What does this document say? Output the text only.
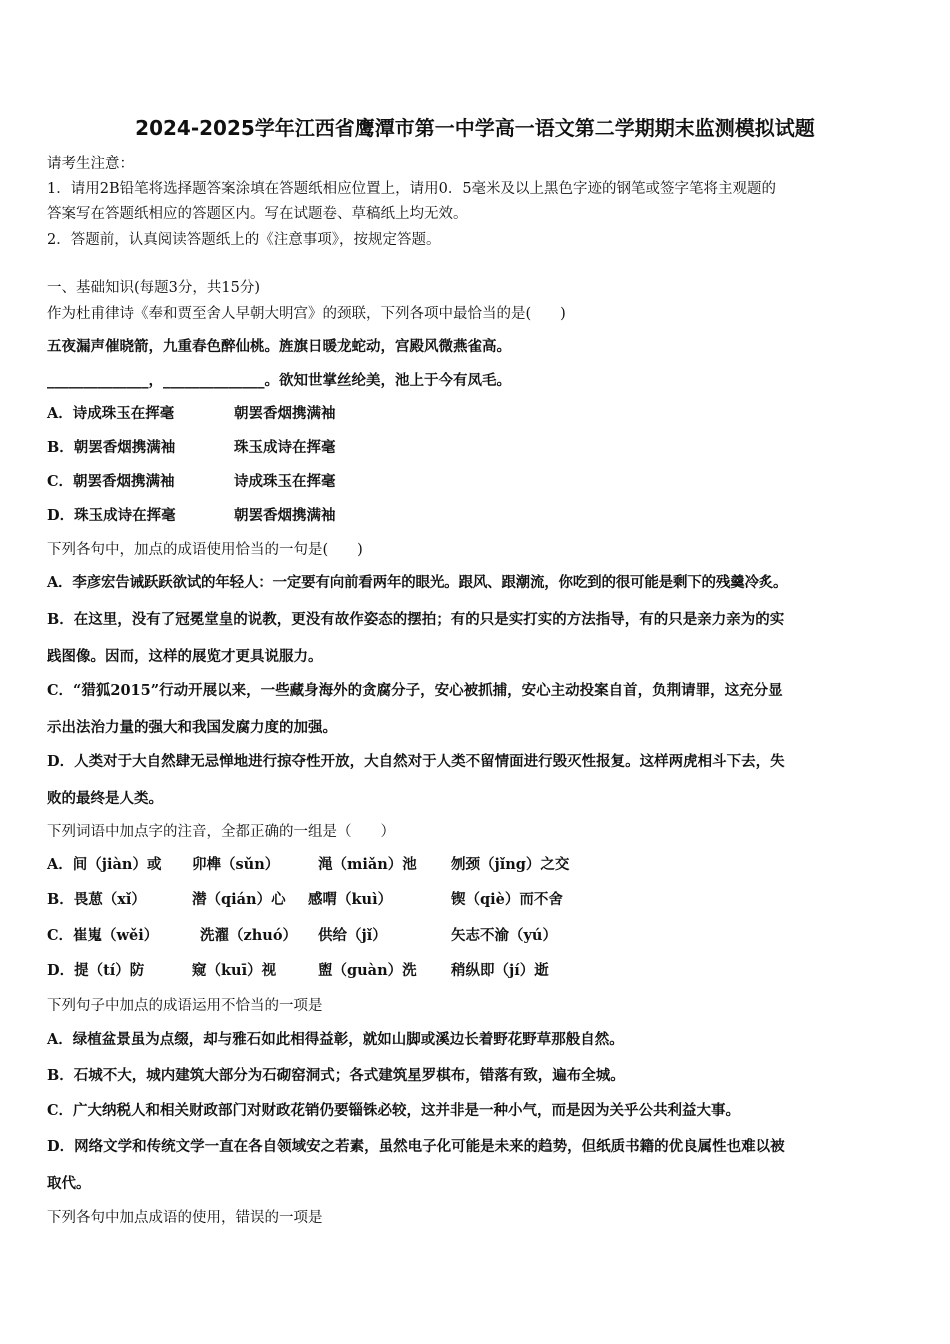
2024-2025学年江西省鹰潭市第一中学高一语文第二学期期末监测模拟试题
请考生注意：
1．请用2B铅笔将选择题答案涂填在答题纸相应位置上，请用0．5毫米及以上黑色字迹的钢笔或签字笔将主观题的
答案写在答题纸相应的答题区内。写在试题卷、草稿纸上均无效。
2．答题前，认真阅读答题纸上的《注意事项》，按规定答题。
一、基础知识(每题3分，共15分)
作为杜甫律诗《奉和贾至舍人早朝大明宫》的颈联，下列各项中最恰当的是(　　)
五夜漏声催晓箭，九重春色醉仙桃。旌旗日暖龙蛇动，宫殿风微燕雀高。
______________，______________。欲知世掌丝纶美，池上于今有凤毛。
A．诗成珠玉在挥毫	朝罢香烟携满袖
B．朝罢香烟携满袖	珠玉成诗在挥毫
C．朝罢香烟携满袖	诗成珠玉在挥毫
D．珠玉成诗在挥毫	朝罢香烟携满袖
下列各句中，加点的成语使用恰当的一句是(　　)
A．李彦宏告诫跃跃欲试的年轻人：一定要有向前看两年的眼光。跟风、跟潮流，你吃到的很可能是剩下的残羹冷炙。
B．在这里，没有了冠冕堂皇的说教，更没有故作姿态的摆拍；有的只是实打实的方法指导，有的只是亲力亲为的实
践图像。因而，这样的展览才更具说服力。
C．“猎狐2015”行动开展以来，一些藏身海外的贪腐分子，安心被抓捕，安心主动投案自首，负荆请罪，这充分显
示出法治力量的强大和我国发腐力度的加强。
D．人类对于大自然肆无忌惮地进行掠夺性开放，大自然对于人类不留情面进行毁灭性报复。这样两虎相斗下去，失
败的最终是人类。
下列词语中加点字的注音，全都正确的一组是（　　）
A．间（jiàn）或 卯榫（sǔn）	渑（miǎn）池 刎颈（jǐng）之交
B．畏葸（xǐ）	潜（qián）心 感喟（kuì）	锲（qiè）而不舍
C．崔嵬（wěi）	洗濯（zhuó） 供给（jǐ）	矢志不渝（yú）
D．提（tí）防	窥（kuī）视	盥（guàn）洗 稍纵即（jí）逝
下列句子中加点的成语运用不恰当的一项是
A．绿植盆景虽为点缀，却与雅石如此相得益彰，就如山脚或溪边长着野花野草那般自然。
B．石城不大，城内建筑大部分为石砌窑洞式；各式建筑星罗棋布，错落有致，遍布全城。
C．广大纳税人和相关财政部门对财政花销仍要锱铢必较，这并非是一种小气，而是因为关乎公共利益大事。
D．网络文学和传统文学一直在各自领域安之若素，虽然电子化可能是未来的趋势，但纸质书籍的优良属性也难以被
取代。
下列各句中加点成语的使用，错误的一项是
